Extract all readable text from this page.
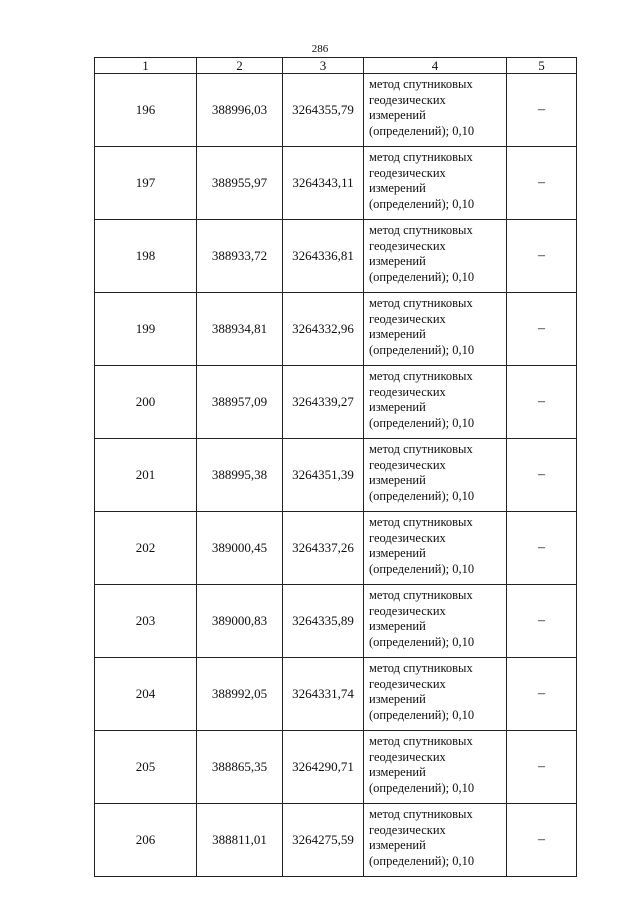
286
1	2	3	4	5
196	388996,03	3264355,79	метод спутниковых
геодезических
измерений
(определений); 0,10	–
197	388955,97	3264343,11	метод спутниковых
геодезических
измерений
(определений); 0,10	–
198	388933,72	3264336,81	метод спутниковых
геодезических
измерений
(определений); 0,10	–
199	388934,81	3264332,96	метод спутниковых
геодезических
измерений
(определений); 0,10	–
200	388957,09	3264339,27	метод спутниковых
геодезических
измерений
(определений); 0,10	–
201	388995,38	3264351,39	метод спутниковых
геодезических
измерений
(определений); 0,10	–
202	389000,45	3264337,26	метод спутниковых
геодезических
измерений
(определений); 0,10	–
203	389000,83	3264335,89	метод спутниковых
геодезических
измерений
(определений); 0,10	–
204	388992,05	3264331,74	метод спутниковых
геодезических
измерений
(определений); 0,10	–
205	388865,35	3264290,71	метод спутниковых
геодезических
измерений
(определений); 0,10	–
206	388811,01	3264275,59	метод спутниковых
геодезических
измерений
(определений); 0,10	–
